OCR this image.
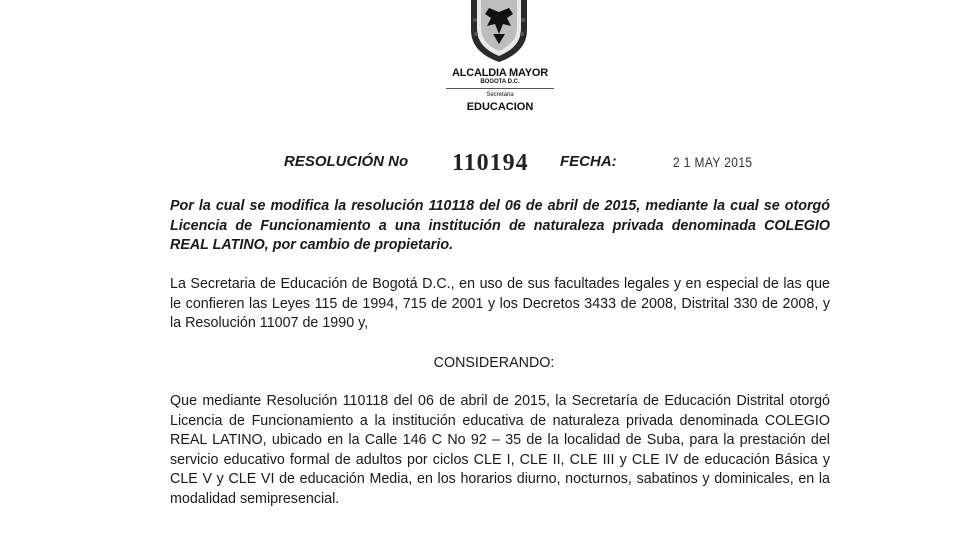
ALCALDIA MAYOR
BOGOTA D.C.
Secretaria
EDUCACION
RESOLUCIÓN No 110194 FECHA:	2 1 MAY 2015
Por la cual se modifica la resolución 110118 del 06 de abril de 2015, mediante la cual se otorgó Licencia de Funcionamiento a una institución de naturaleza privada denominada COLEGIO REAL LATINO, por cambio de propietario.
La Secretaria de Educación de Bogotá D.C., en uso de sus facultades legales y en especial de las que le confieren las Leyes 115 de 1994, 715 de 2001 y los Decretos 3433 de 2008, Distrital 330 de 2008, y la Resolución 11007 de 1990 y,
CONSIDERANDO:
Que mediante Resolución 110118 del 06 de abril de 2015, la Secretaría de Educación Distrital otorgó Licencia de Funcionamiento a la institución educativa de naturaleza privada denominada COLEGIO REAL LATINO, ubicado en la Calle 146 C No 92 – 35 de la localidad de Suba, para la prestación del servicio educativo formal de adultos por ciclos CLE I, CLE II, CLE III y CLE IV de educación Básica y CLE V y CLE VI de educación Media, en los horarios diurno, nocturnos, sabatinos y dominicales, en la modalidad semipresencial.
